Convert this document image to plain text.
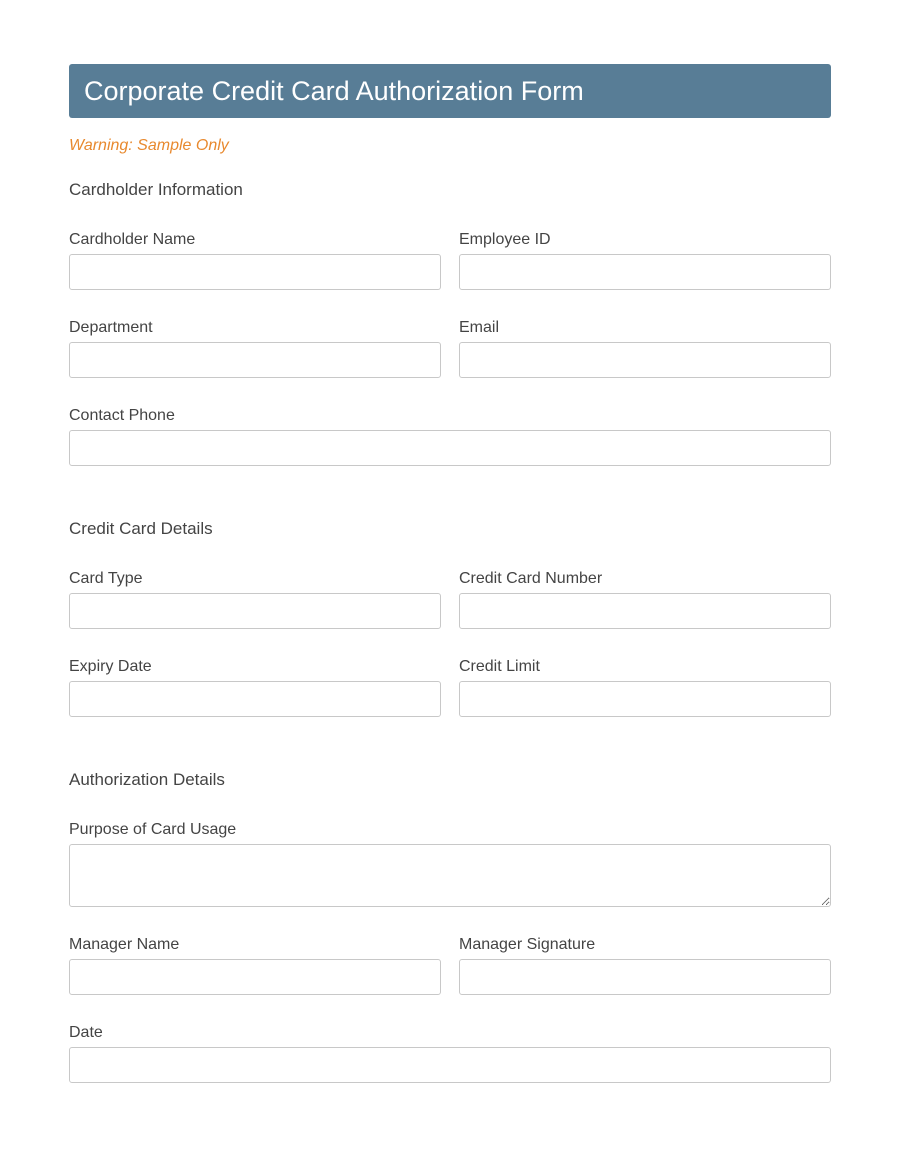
Corporate Credit Card Authorization Form
Warning: Sample Only
Cardholder Information
Cardholder Name	Employee ID
Department	Email
Contact Phone
Credit Card Details
Card Type	Credit Card Number
Expiry Date	Credit Limit
Authorization Details
Purpose of Card Usage
Manager Name	Manager Signature
Date
